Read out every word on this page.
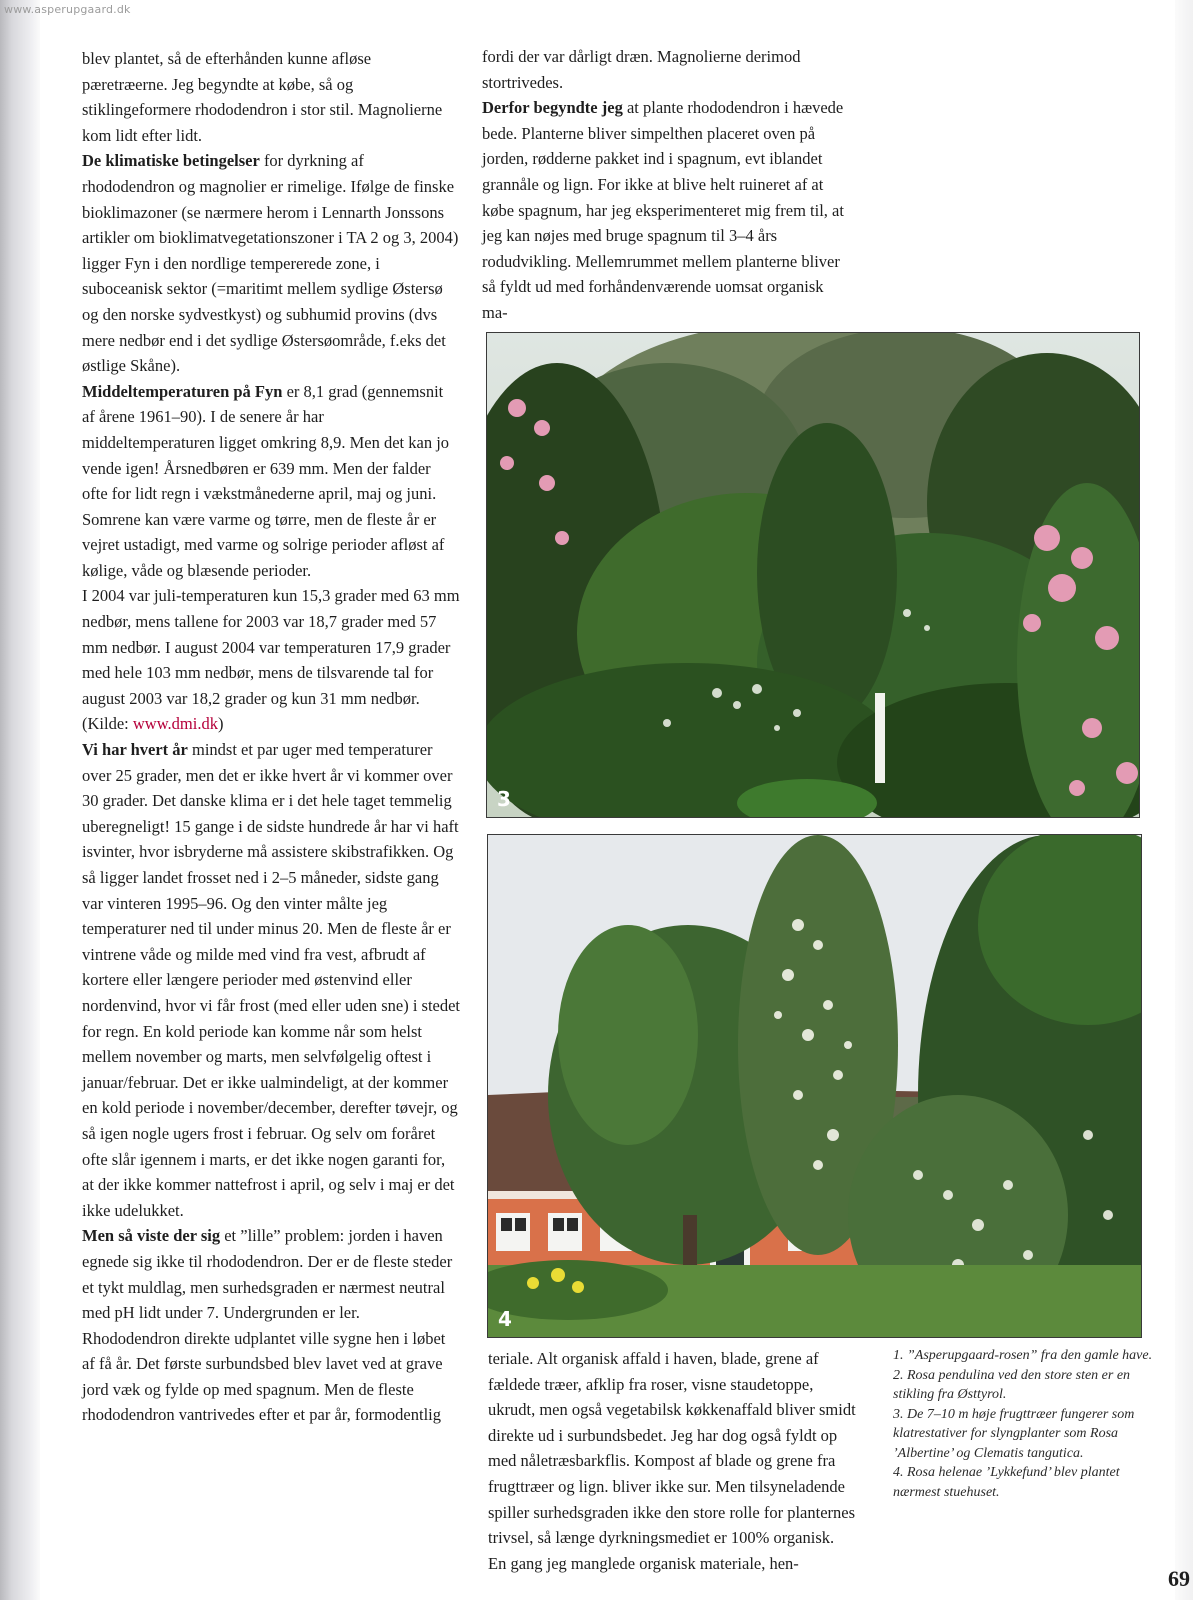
www.asperupgaard.dk

blev plantet, så de efterhånden kunne afløse pæretræerne. Jeg begyndte at købe, så og stiklingeformere rhododendron i stor stil. Magnolierne kom lidt efter lidt.

De klimatiske betingelser for dyrkning af rhododendron og magnolier er rimelige. Ifølge de finske bioklimazoner (se nærmere herom i Lennarth Jonssons artikler om bioklimatvegetationszoner i TA 2 og 3, 2004) ligger Fyn i den nordlige tempererede zone, i suboceanisk sektor (=maritimt mellem sydlige Østersø og den norske sydvestkyst) og subhumid provins (dvs mere nedbør end i det sydlige Østersøområde, f.eks det østlige Skåne).

Middeltemperaturen på Fyn er 8,1 grad (gennemsnit af årene 1961–90). I de senere år har middeltemperaturen ligget omkring 8,9. Men det kan jo vende igen! Årsnedbøren er 639 mm. Men der falder ofte for lidt regn i vækstmånederne april, maj og juni. Somrene kan være varme og tørre, men de fleste år er vejret ustadigt, med varme og solrige perioder afløst af kølige, våde og blæsende perioder.

I 2004 var juli-temperaturen kun 15,3 grader med 63 mm nedbør, mens tallene for 2003 var 18,7 grader med 57 mm nedbør. I august 2004 var temperaturen 17,9 grader med hele 103 mm nedbør, mens de tilsvarende tal for august 2003 var 18,2 grader og kun 31 mm nedbør.

(Kilde: www.dmi.dk)

Vi har hvert år mindst et par uger med temperaturer over 25 grader, men det er ikke hvert år vi kommer over 30 grader. Det danske klima er i det hele taget temmelig uberegneligt! 15 gange i de sidste hundrede år har vi haft isvinter, hvor isbryderne må assistere skibstrafikken. Og så ligger landet frosset ned i 2–5 måneder, sidste gang var vinteren 1995–96. Og den vinter målte jeg temperaturer ned til under minus 20. Men de fleste år er vintrene våde og milde med vind fra vest, afbrudt af kortere eller længere perioder med østenvind eller nordenvind, hvor vi får frost (med eller uden sne) i stedet for regn. En kold periode kan komme når som helst mellem november og marts, men selvfølgelig oftest i januar/februar. Det er ikke ualmindeligt, at der kommer en kold periode i november/december, derefter tøvejr, og så igen nogle ugers frost i februar. Og selv om foråret ofte slår igennem i marts, er det ikke nogen garanti for, at der ikke kommer nattefrost i april, og selv i maj er det ikke udelukket.

Men så viste der sig et ”lille” problem: jorden i haven egnede sig ikke til rhododendron. Der er de fleste steder et tykt muldlag, men surhedsgraden er nærmest neutral med pH lidt under 7. Undergrunden er ler. Rhododendron direkte udplantet ville sygne hen i løbet af få år. Det første surbundsbed blev lavet ved at grave jord væk og fylde op med spagnum. Men de fleste rhododendron vantrivedes efter et par år, formodentlig

fordi der var dårligt dræn. Magnolierne derimod stortrivedes.

Derfor begyndte jeg at plante rhododendron i hævede bede. Planterne bliver simpelthen placeret oven på jorden, rødderne pakket ind i spagnum, evt iblandet grannåle og lign. For ikke at blive helt ruineret af at købe spagnum, har jeg eksperimenteret mig frem til, at jeg kan nøjes med bruge spagnum til 3–4 års rodudvikling. Mellemrummet mellem planterne bliver så fyldt ud med forhåndenværende uomsat organisk ma-

3
4

teriale. Alt organisk affald i haven, blade, grene af fældede træer, afklip fra roser, visne staudetoppe, ukrudt, men også vegetabilsk køkkenaffald bliver smidt direkte ud i surbundsbedet. Jeg har dog også fyldt op med nåletræsbarkflis. Kompost af blade og grene fra frugttræer og lign. bliver ikke sur. Men tilsyneladende spiller surhedsgraden ikke den store rolle for planternes trivsel, så længe dyrkningsmediet er 100% organisk.

En gang jeg manglede organisk materiale, hen-

1. ”Asperupgaard-rosen” fra den gamle have.

2. Rosa pendulina ved den store sten er en stikling fra Østtyrol.

3. De 7–10 m høje frugttræer fungerer som klatrestativer for slyngplanter som Rosa ’Albertine’ og Clematis tangutica.

4. Rosa helenae ’Lykkefund’ blev plantet nærmest stuehuset.

69
